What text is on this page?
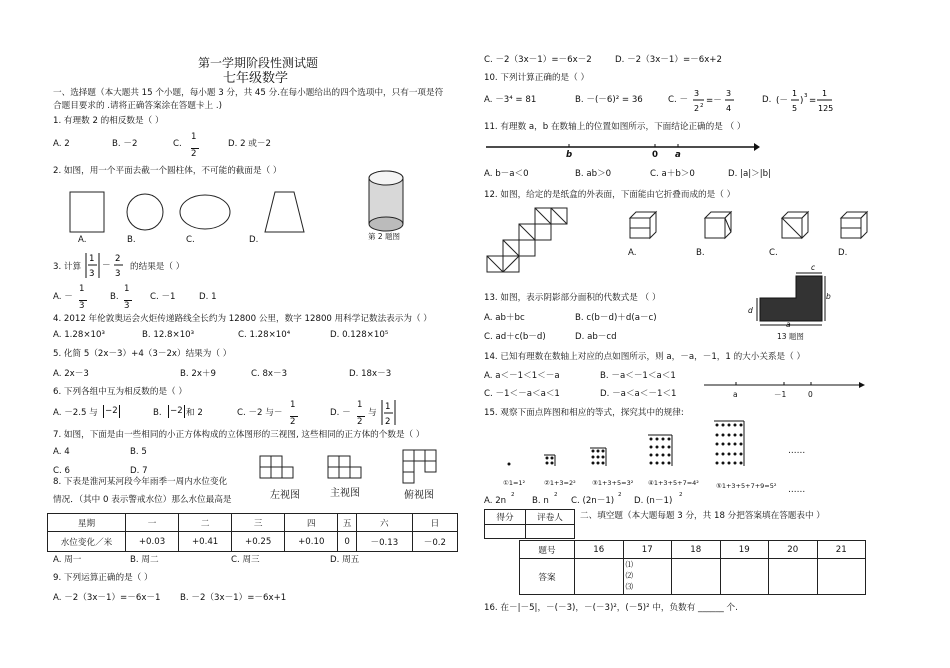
第一学期阶段性测试题
七年级数学
一、选择题（本大题共 15 个小题，每小题 3 分，共 45 分.在每小题给出的四个选项中，只有一项是符
合题目要求的 .请将正确答案涂在答题卡上 .)
1. 有理数 2 的相反数是（ ）
A. 2	B. －2	C.
1
2
D. 2 或－2
2. 如图，用一个平面去截一个圆柱体，不可能的截面是（ ）
A.	B.	C.	D.	第 2 题图
3. 计算
1
3
－
2
3
的结果是（ ）
A. －
1
3
B.
1
3
C. －1	D. 1
4. 2012 年伦敦奥运会火炬传递路线全长约为 12800 公里，数字 12800 用科学记数法表示为（ ）
A. 1.28×10³	B. 12.8×10³	C. 1.28×10⁴	D. 0.128×10⁵
5. 化简 5（2x－3）+4（3－2x）结果为（ ）
A. 2x－3	B. 2x＋9	C. 8x－3	D. 18x－3
6. 下列各组中互为相反数的是（ ）
A. －2.5 与 −2	B. −2 和 2	C. －2 与－
1
2
D. －
1
2
与
1
2
7. 如图，下面是由一些相同的小正方体构成的立体图形的三视图, 这些相同的正方体的个数是（ ）
A. 4	B. 5
C. 6	D. 7
左视图	主视图	俯视图
8. 下表是淮河某河段今年雨季一周内水位变化
情况．（其中 0 表示警戒水位）那么水位最高是
星期	一	二	三	四	五	六	日
水位变化／米	+0.03	+0.41	+0.25	+0.10	0	－0.13	－0.2
A. 周一	B. 周二	C. 周三	D. 周五
9. 下列运算正确的是（ ）
A. －2（3x－1）=－6x－1 B. －2（3x－1）=－6x+1
C. －2（3x－1）=－6x－2	D. －2（3x－1）=－6x+2
10. 下列计算正确的是（ ）
A. －3⁴ = 81	B. －(－6)² = 36	C. －
3
2 2 =－
3
4
D. (－
1
5
) 3 =
1
125
11. 有理数 a，b 在数轴上的位置如图所示，下面结论正确的是 （ ）
b	0 a
A. b－a＜0	B. ab＞0	C. a＋b＞0	D. |a|＞|b|
12. 如图，给定的是纸盒的外表面，下面能由它折叠而成的是（ ）
A.	B.	C.	D.
13. 如图，表示阴影部分面积的代数式是 （ ）
A. ab＋bc	B. c(b－d)＋d(a－c)
C. ad＋c(b－d)	D. ab－cd
c
b
d
a
13 题图
14. 已知有理数在数轴上对应的点如图所示，则 a，－a，－1，1 的大小关系是（ ）
A. a＜－1＜1＜－a	B. －a＜－1＜a＜1
C. －1＜－a＜a＜1	D. －a＜a＜－1＜1	a	－1	0
15. 观察下面点阵图和相应的等式，探究其中的规律:
……
①1=1²	②1+3=2²	③1+3+5=3² ④1+3+5+7=4²	⑤1+3+5+7+9=5² ……
A. 2n
2
B. n
2
C. (2n－1)
2
D. (n－1)
2
得分	评卷人
	二、填空题（本大题每题 3 分，共 18 分把答案填在答题表中 ）
题号	16	17	18	19	20	21
答案		⑴
⑵
⑶				

16. 在－|－5|，－(－3)，－(－3)²，(－5)² 中，负数有 ______ 个.
